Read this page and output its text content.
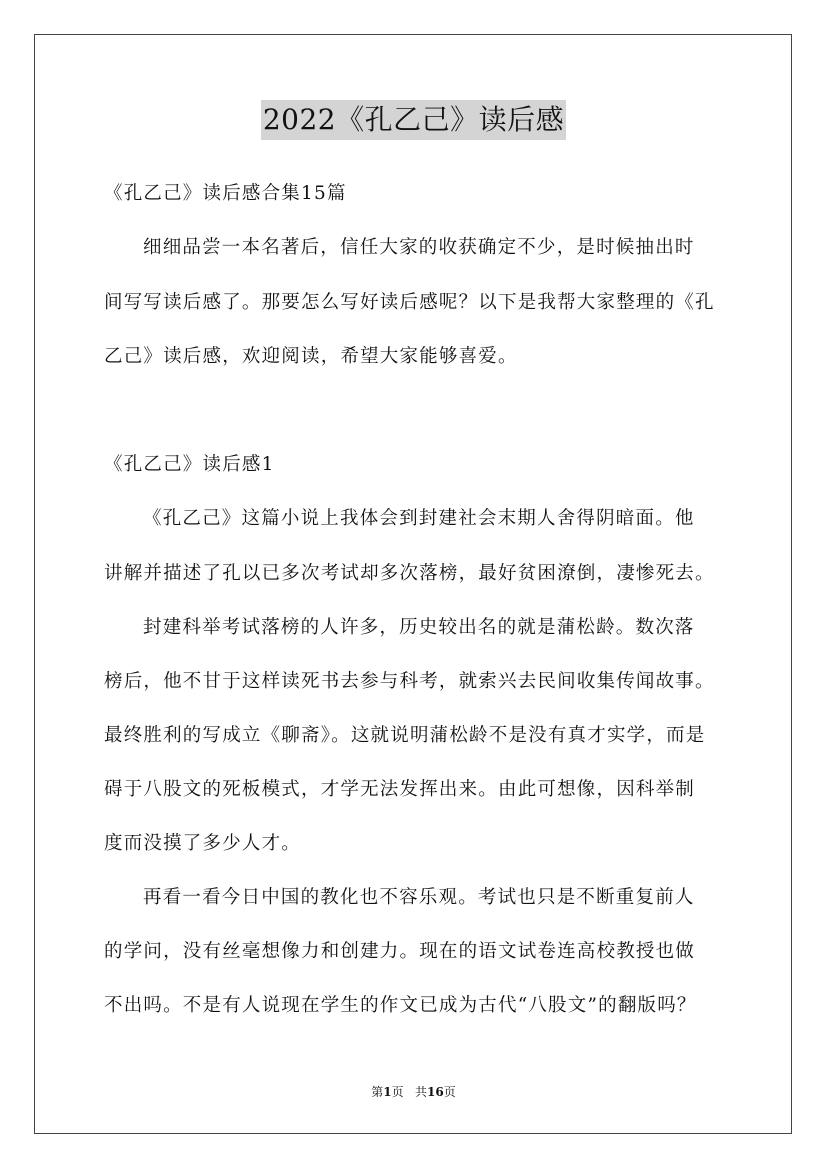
2022《孔乙己》读后感
《孔乙己》读后感合集15篇
细细品尝一本名著后，信任大家的收获确定不少，是时候抽出时
间写写读后感了。那要怎么写好读后感呢？以下是我帮大家整理的《孔
乙己》读后感，欢迎阅读，希望大家能够喜爱。
《孔乙己》读后感1
《孔乙己》这篇小说上我体会到封建社会末期人舍得阴暗面。他
讲解并描述了孔以已多次考试却多次落榜，最好贫困潦倒，凄惨死去。
封建科举考试落榜的人许多，历史较出名的就是蒲松龄。数次落
榜后，他不甘于这样读死书去参与科考，就索兴去民间收集传闻故事。
最终胜利的写成立《聊斋》。这就说明蒲松龄不是没有真才实学，而是
碍于八股文的死板模式，才学无法发挥出来。由此可想像，因科举制
度而没摸了多少人才。
再看一看今日中国的教化也不容乐观。考试也只是不断重复前人
的学问，没有丝毫想像力和创建力。现在的语文试卷连高校教授也做
不出吗。不是有人说现在学生的作文已成为古代“八股文”的翻版吗？
第1页   共16页
